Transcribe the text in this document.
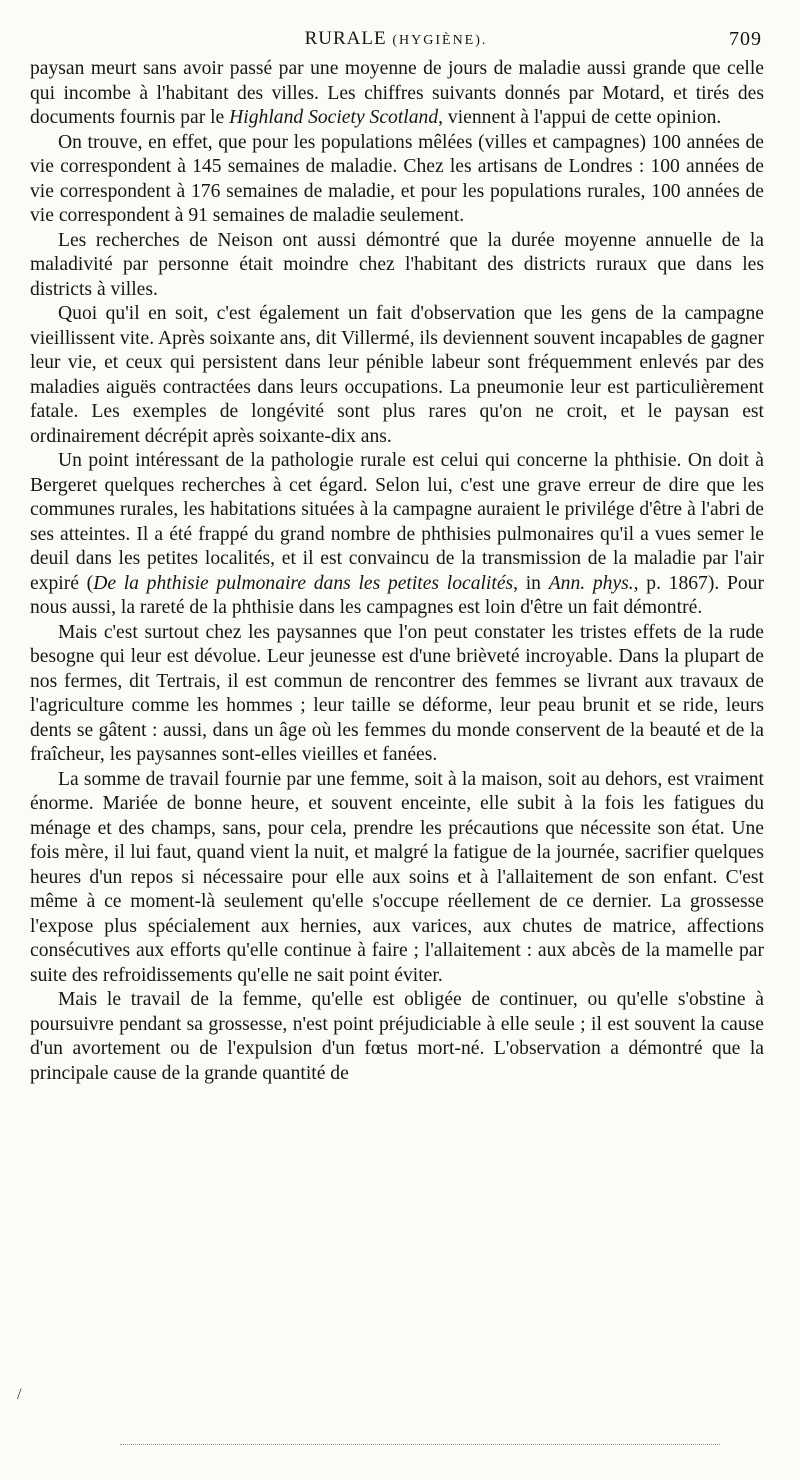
RURALE (HYGIÈNE).	709

paysan meurt sans avoir passé par une moyenne de jours de maladie aussi grande que celle qui incombe à l'habitant des villes. Les chiffres suivants donnés par Motard, et tirés des documents fournis par le Highland Society Scotland, viennent à l'appui de cette opinion.

On trouve, en effet, que pour les populations mêlées (villes et campagnes) 100 années de vie correspondent à 145 semaines de maladie. Chez les artisans de Londres : 100 années de vie correspondent à 176 semaines de maladie, et pour les populations rurales, 100 années de vie correspondent à 91 semaines de maladie seulement.

Les recherches de Neison ont aussi démontré que la durée moyenne annuelle de la maladivité par personne était moindre chez l'habitant des districts ruraux que dans les districts à villes.

Quoi qu'il en soit, c'est également un fait d'observation que les gens de la campagne vieillissent vite. Après soixante ans, dit Villermé, ils deviennent souvent incapables de gagner leur vie, et ceux qui persistent dans leur pénible labeur sont fréquemment enlevés par des maladies aiguës contractées dans leurs occupations. La pneumonie leur est particulièrement fatale. Les exemples de longévité sont plus rares qu'on ne croit, et le paysan est ordinairement décrépit après soixante-dix ans.

Un point intéressant de la pathologie rurale est celui qui concerne la phthisie. On doit à Bergeret quelques recherches à cet égard. Selon lui, c'est une grave erreur de dire que les communes rurales, les habitations situées à la campagne auraient le privilége d'être à l'abri de ses atteintes. Il a été frappé du grand nombre de phthisies pulmonaires qu'il a vues semer le deuil dans les petites localités, et il est convaincu de la transmission de la maladie par l'air expiré (De la phthisie pulmonaire dans les petites localités, in Ann. phys., p. 1867). Pour nous aussi, la rareté de la phthisie dans les campagnes est loin d'être un fait démontré.

Mais c'est surtout chez les paysannes que l'on peut constater les tristes effets de la rude besogne qui leur est dévolue. Leur jeunesse est d'une brièveté incroyable. Dans la plupart de nos fermes, dit Tertrais, il est commun de rencontrer des femmes se livrant aux travaux de l'agriculture comme les hommes ; leur taille se déforme, leur peau brunit et se ride, leurs dents se gâtent : aussi, dans un âge où les femmes du monde conservent de la beauté et de la fraîcheur, les paysannes sont-elles vieilles et fanées.

La somme de travail fournie par une femme, soit à la maison, soit au dehors, est vraiment énorme. Mariée de bonne heure, et souvent enceinte, elle subit à la fois les fatigues du ménage et des champs, sans, pour cela, prendre les précautions que nécessite son état. Une fois mère, il lui faut, quand vient la nuit, et malgré la fatigue de la journée, sacrifier quelques heures d'un repos si nécessaire pour elle aux soins et à l'allaitement de son enfant. C'est même à ce moment-là seulement qu'elle s'occupe réellement de ce dernier. La grossesse l'expose plus spécialement aux hernies, aux varices, aux chutes de matrice, affections consécutives aux efforts qu'elle continue à faire ; l'allaitement : aux abcès de la mamelle par suite des refroidissements qu'elle ne sait point éviter.

Mais le travail de la femme, qu'elle est obligée de continuer, ou qu'elle s'obstine à poursuivre pendant sa grossesse, n'est point préjudiciable à elle seule ; il est souvent la cause d'un avortement ou de l'expulsion d'un fœtus mort-né. L'observation a démontré que la principale cause de la grande quantité de

/
